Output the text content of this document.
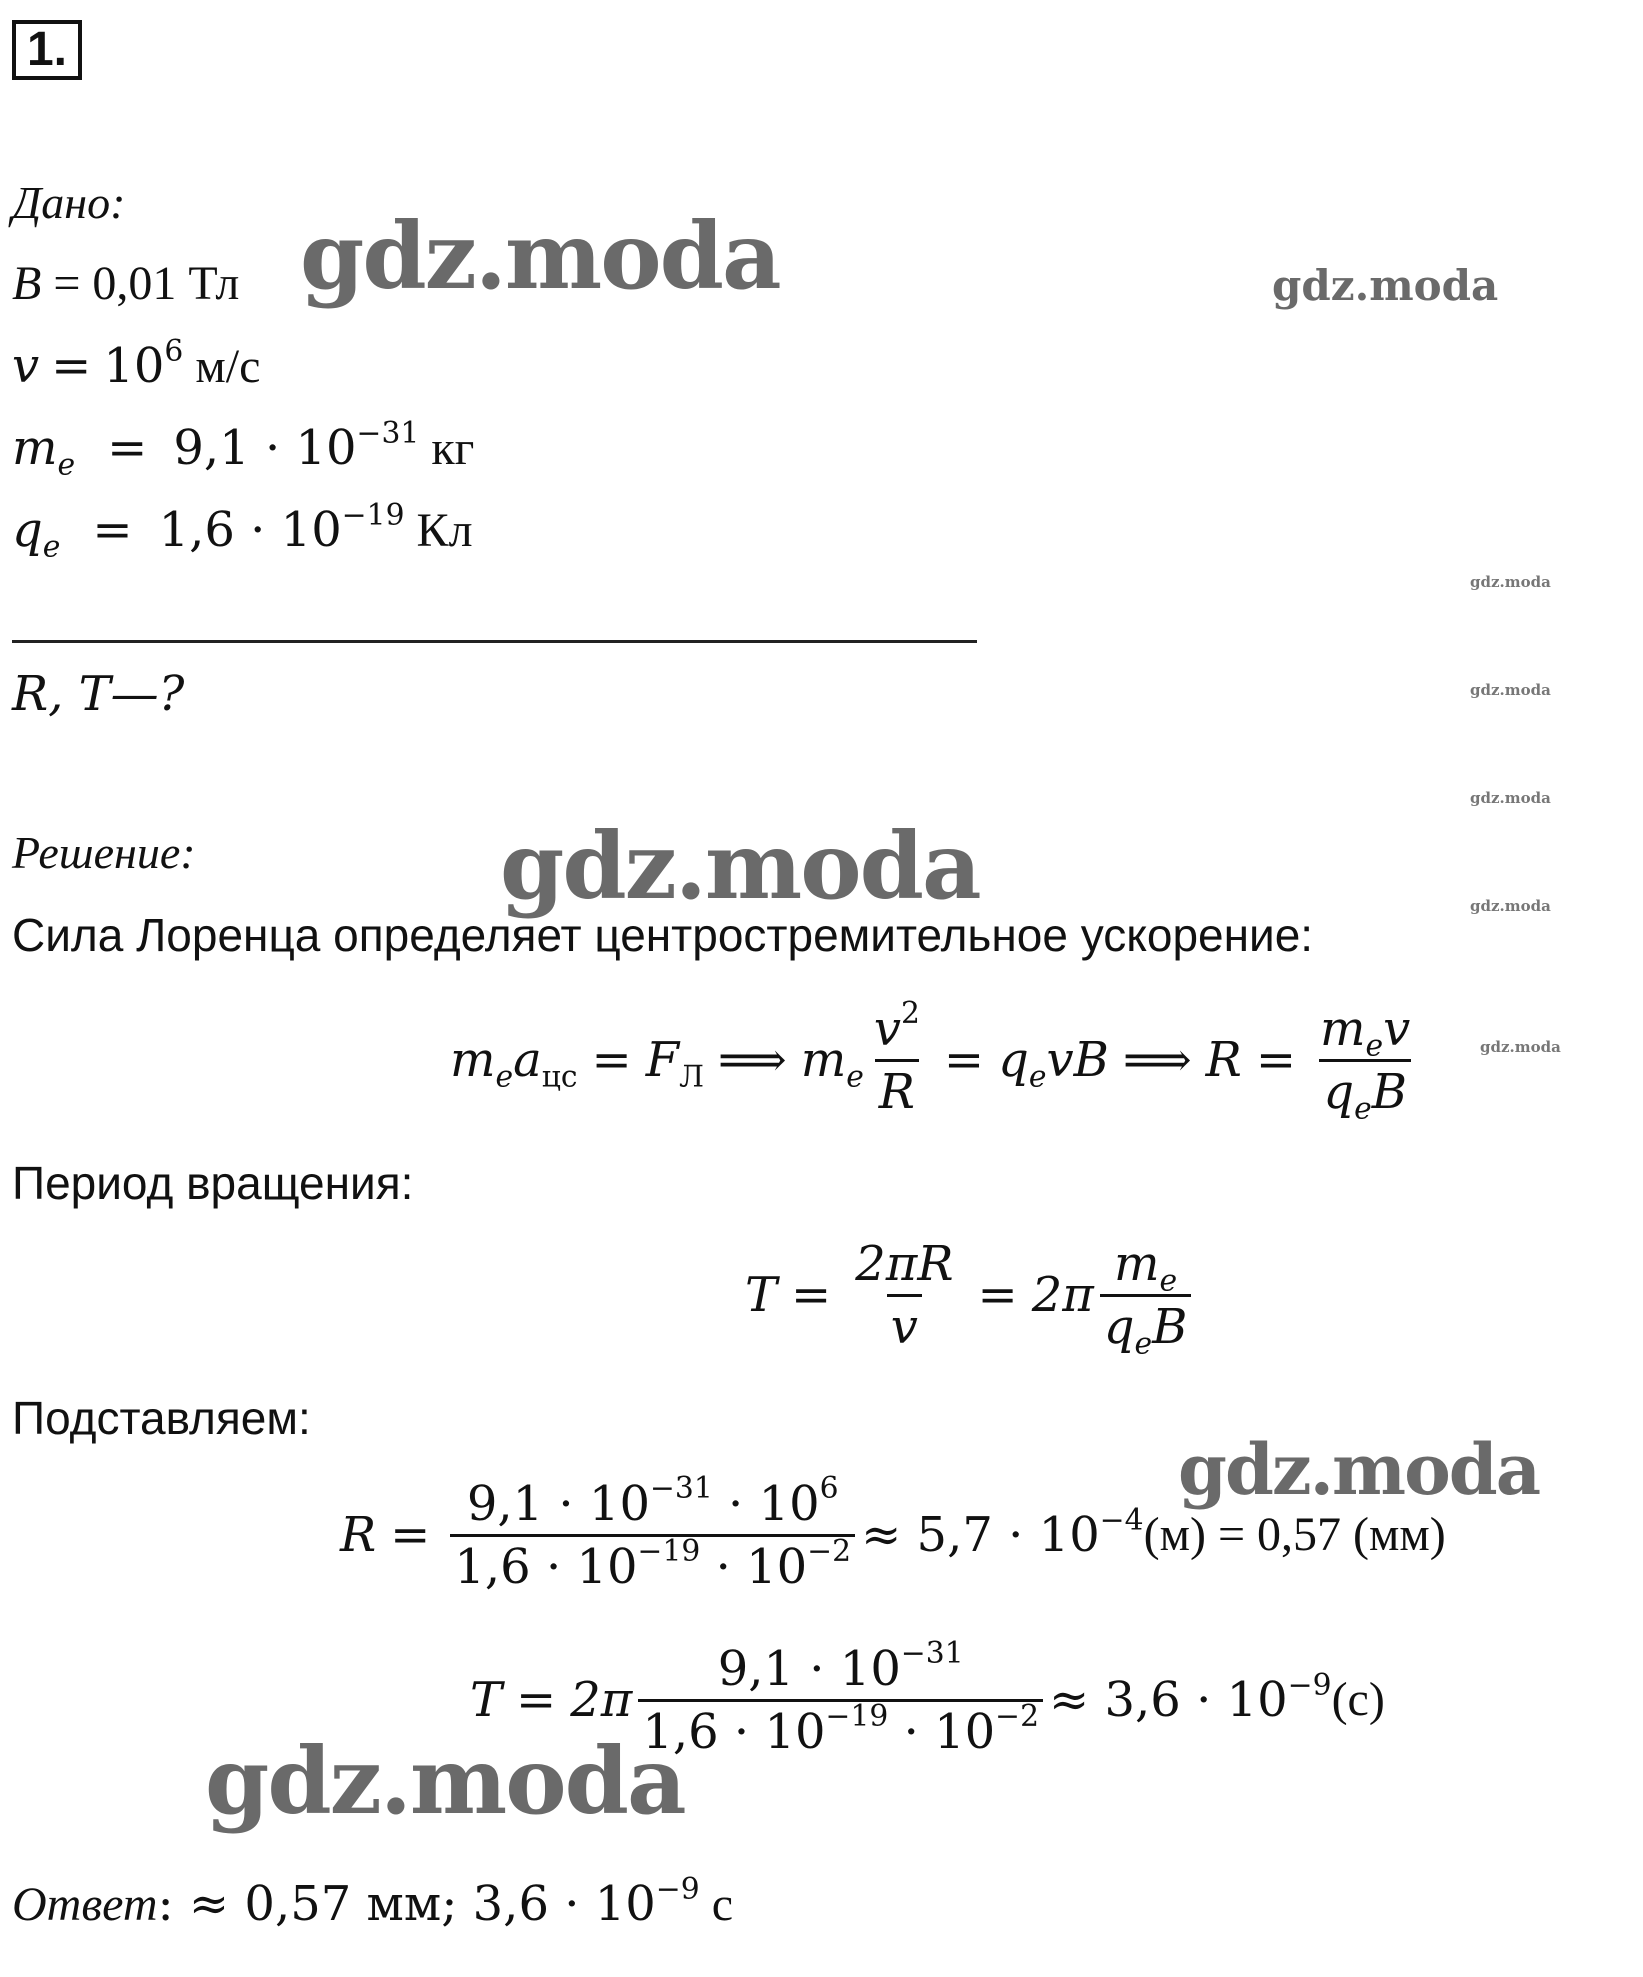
1.
Дано:
B = 0,01 Тл
$v = 10^6$ м/с
$m_e = 9,1 \cdot 10^{-31}$ кг
$q_e = 1,6 \cdot 10^{-19}$ Кл
R, T—?
Решение:
Сила Лоренца определяет центростремительное ускорение:
$m_ea_{цс} = F_Л$ ⟹ $m_e \frac{v^2}{R} = q_evB$ ⟹ $R = \frac{m_ev}{q_eB}$
Период вращения:
$T = \frac{2\pi R}{v} = 2\pi \frac{m_e}{q_eB}$
Подставляем:
$R = \frac{9,1 \cdot 10^{-31} \cdot 10^6}{1,6 \cdot 10^{-19} \cdot 10^{-2}} \approx 5,7 \cdot 10^{-4}$ (м) = 0,57 (мм)
$T = 2\pi \frac{9,1 \cdot 10^{-31}}{1,6 \cdot 10^{-19} \cdot 10^{-2}} \approx 3,6 \cdot 10^{-9}$ (c)
Ответ: ≈ 0,57 мм; $3,6 \cdot 10^{-9}$ c
gdz.moda	gdz.moda
gdz.moda
gdz.moda
gdz.moda
gdz.moda	gdz.moda
gdz.moda
gdz.moda
gdz.moda
